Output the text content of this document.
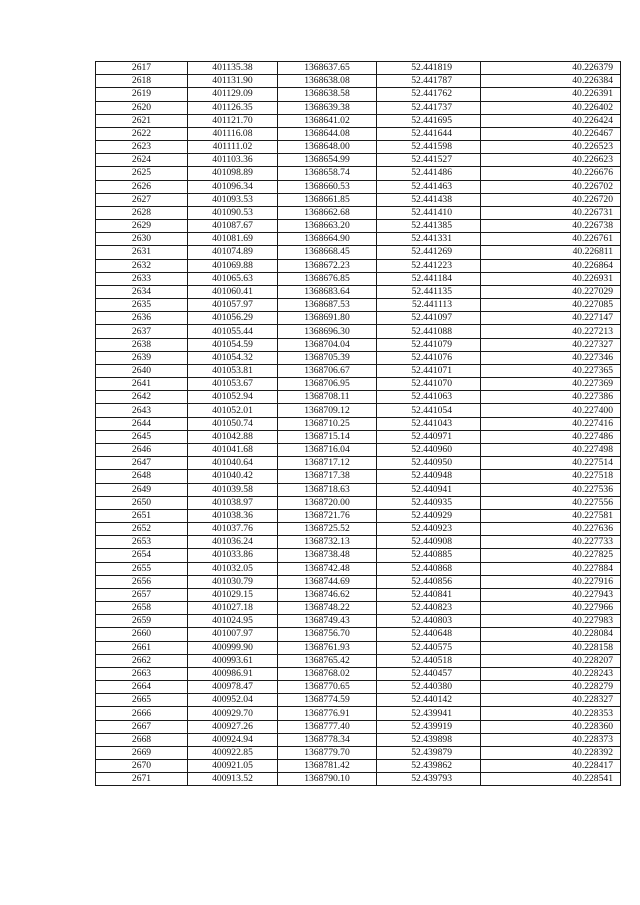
2617	401135.38	1368637.65	52.441819	40.226379
2618	401131.90	1368638.08	52.441787	40.226384
2619	401129.09	1368638.58	52.441762	40.226391
2620	401126.35	1368639.38	52.441737	40.226402
2621	401121.70	1368641.02	52.441695	40.226424
2622	401116.08	1368644.08	52.441644	40.226467
2623	401111.02	1368648.00	52.441598	40.226523
2624	401103.36	1368654.99	52.441527	40.226623
2625	401098.89	1368658.74	52.441486	40.226676
2626	401096.34	1368660.53	52.441463	40.226702
2627	401093.53	1368661.85	52.441438	40.226720
2628	401090.53	1368662.68	52.441410	40.226731
2629	401087.67	1368663.20	52.441385	40.226738
2630	401081.69	1368664.90	52.441331	40.226761
2631	401074.89	1368668.45	52.441269	40.226811
2632	401069.88	1368672.23	52.441223	40.226864
2633	401065.63	1368676.85	52.441184	40.226931
2634	401060.41	1368683.64	52.441135	40.227029
2635	401057.97	1368687.53	52.441113	40.227085
2636	401056.29	1368691.80	52.441097	40.227147
2637	401055.44	1368696.30	52.441088	40.227213
2638	401054.59	1368704.04	52.441079	40.227327
2639	401054.32	1368705.39	52.441076	40.227346
2640	401053.81	1368706.67	52.441071	40.227365
2641	401053.67	1368706.95	52.441070	40.227369
2642	401052.94	1368708.11	52.441063	40.227386
2643	401052.01	1368709.12	52.441054	40.227400
2644	401050.74	1368710.25	52.441043	40.227416
2645	401042.88	1368715.14	52.440971	40.227486
2646	401041.68	1368716.04	52.440960	40.227498
2647	401040.64	1368717.12	52.440950	40.227514
2648	401040.42	1368717.38	52.440948	40.227518
2649	401039.58	1368718.63	52.440941	40.227536
2650	401038.97	1368720.00	52.440935	40.227556
2651	401038.36	1368721.76	52.440929	40.227581
2652	401037.76	1368725.52	52.440923	40.227636
2653	401036.24	1368732.13	52.440908	40.227733
2654	401033.86	1368738.48	52.440885	40.227825
2655	401032.05	1368742.48	52.440868	40.227884
2656	401030.79	1368744.69	52.440856	40.227916
2657	401029.15	1368746.62	52.440841	40.227943
2658	401027.18	1368748.22	52.440823	40.227966
2659	401024.95	1368749.43	52.440803	40.227983
2660	401007.97	1368756.70	52.440648	40.228084
2661	400999.90	1368761.93	52.440575	40.228158
2662	400993.61	1368765.42	52.440518	40.228207
2663	400986.91	1368768.02	52.440457	40.228243
2664	400978.47	1368770.65	52.440380	40.228279
2665	400952.04	1368774.59	52.440142	40.228327
2666	400929.70	1368776.91	52.439941	40.228353
2667	400927.26	1368777.40	52.439919	40.228360
2668	400924.94	1368778.34	52.439898	40.228373
2669	400922.85	1368779.70	52.439879	40.228392
2670	400921.05	1368781.42	52.439862	40.228417
2671	400913.52	1368790.10	52.439793	40.228541
